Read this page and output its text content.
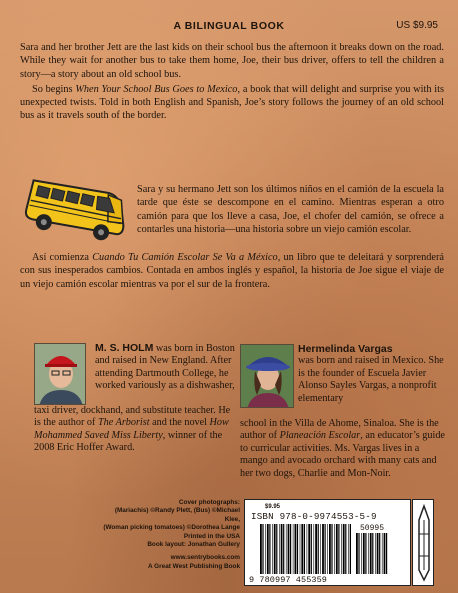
A BILINGUAL BOOK	US $9.95

Sara and her brother Jett are the last kids on their school bus the afternoon it breaks down on the road. While they wait for another bus to take them home, Joe, their bus driver, offers to tell the children a story—a story about an old school bus.

So begins When Your School Bus Goes to Mexico, a book that will delight and surprise you with its unexpected twists. Told in both English and Spanish, Joe’s story follows the journey of an old school bus as it travels south of the border.

Sara y su hermano Jett son los últimos niños en el camión de la escuela la tarde que éste se descompone en el camino. Mientras esperan a otro camión para que los lleve a casa, Joe, el chofer del camión, se ofrece a contarles una historia—una historia sobre un viejo camión escolar.

Así comienza Cuando Tu Camión Escolar Se Va a México, un libro que te deleitará y sorprenderá con sus inesperados cambios. Contada en ambos inglés y español, la historia de Joe sigue el viaje de un viejo camión escolar mientras va por el sur de la frontera.

M. S. HOLM was born in Boston and raised in New England. After attending Dartmouth College, he worked variously as a dishwasher,
taxi driver, dockhand, and substitute teacher. He is the author of The Arborist and the novel How Mohammed Saved Miss Liberty, winner of the 2008 Eric Hoffer Award.
Hermelinda Vargas
was born and raised in Mexico. She is the founder of Escuela Javier Alonso Sayles Vargas, a nonprofit elementary
school in the Villa de Ahome, Sinaloa. She is the author of Planeación Escolar, an educator’s guide to curricular activities. Ms. Vargas lives in a mango and avocado orchard with many cats and her two dogs, Charlie and Mon-Noir.
Cover photographs:
(Mariachis) ©Randy Plett, (Bus) ©Michael Klee,
(Woman picking tomatoes) ©Dorothea Lange
Printed in the USA
Book layout: Jonathan Gullery
www.sentrybooks.com
A Great West Publishing Book
$9.95
ISBN 978-0-9974553-5-9
50995
9 780997 455359
